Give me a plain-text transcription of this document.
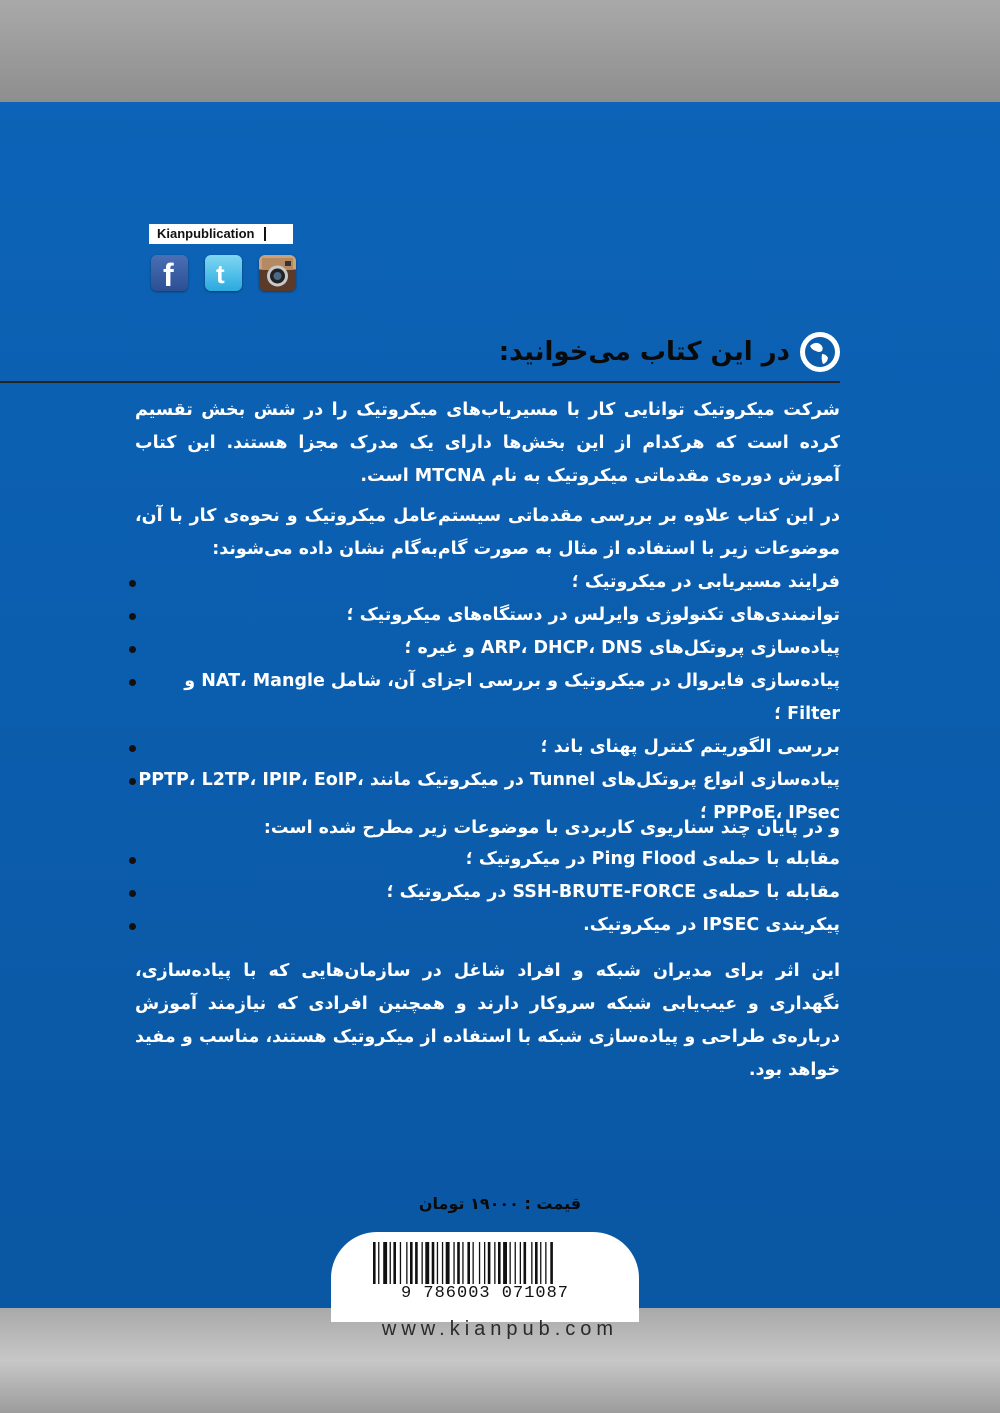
Kianpublication
f t
در این کتاب می‌خوانید:
شرکت میکروتیک توانایی کار با مسیریاب‌های میکروتیک را در شش بخش تقسیم کرده است که هرکدام از این بخش‌ها دارای یک مدرک مجزا هستند. این کتاب آموزش دوره‌ی مقدماتی میکروتیک به نام MTCNA است.
در این کتاب علاوه بر بررسی مقدماتی سیستم‌عامل میکروتیک و نحوه‌ی کار با آن، موضوعات زیر با استفاده از مثال به صورت گام‌به‌گام نشان داده می‌شوند:
فرایند مسیریابی در میکروتیک ؛
توانمندی‌های تکنولوژی وایرلس در دستگاه‌های میکروتیک ؛
پیاده‌سازی پروتکل‌های ARP، DHCP، DNS و غیره ؛
پیاده‌سازی فایروال در میکروتیک و بررسی اجزای آن، شامل NAT، Mangle و Filter ؛
بررسی الگوریتم کنترل پهنای باند ؛
پیاده‌سازی انواع پروتکل‌های Tunnel در میکروتیک مانند PPTP، L2TP، IPIP، EoIP، PPPoE، IPsec ؛
و در پایان چند سناریوی کاربردی با موضوعات زیر مطرح شده است:
مقابله با حمله‌ی Ping Flood در میکروتیک ؛
مقابله با حمله‌ی SSH-BRUTE-FORCE در میکروتیک ؛
پیکربندی IPSEC در میکروتیک.
این اثر برای مدیران شبکه و افراد شاغل در سازمان‌هایی که با پیاده‌سازی، نگهداری و عیب‌یابی شبکه سروکار دارند و همچنین افرادی که نیازمند آموزش درباره‌ی طراحی و پیاده‌سازی شبکه با استفاده از میکروتیک هستند، مناسب و مفید خواهد بود.
قیمت : ۱۹۰۰۰ تومان
9 786003 071087
www.kianpub.com
